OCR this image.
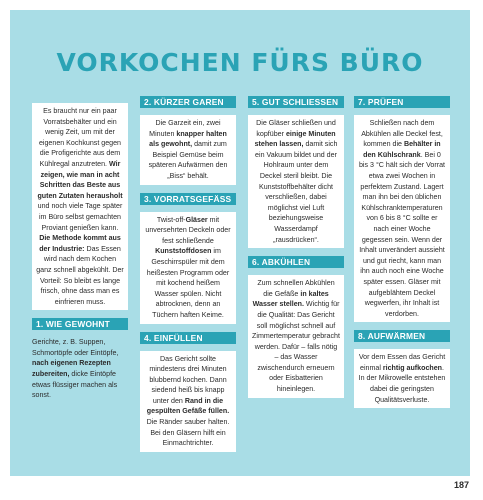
VORKOCHEN FÜRS BÜRO

Es braucht nur ein paar Vorratsbehälter und ein wenig Zeit, um mit der eigenen Kochkunst gegen die Profigerichte aus dem Kühlregal anzutreten. Wir zeigen, wie man in acht Schritten das Beste aus guten Zutaten herausholt und noch viele Tage später im Büro selbst gemachten Proviant genießen kann. Die Methode kommt aus der Industrie: Das Essen wird nach dem Kochen ganz schnell abgekühlt. Der Vorteil: So bleibt es lange frisch, ohne dass man es einfrieren muss.

1. WIE GEWOHNT

Gerichte, z. B. Suppen, Schmortöpfe oder Eintöpfe, nach eigenen Rezepten zubereiten, dicke Eintöpfe etwas flüssiger machen als sonst.

2. KÜRZER GAREN

Die Garzeit ein, zwei Minuten knapper halten als gewohnt, damit zum Beispiel Gemüse beim späteren Aufwärmen den „Biss“ behält.

3. VORRATSGEFÄSS

Twist-off-Gläser mit unversehrten Deckeln oder fest schließende Kunststoffdosen im Geschirrspüler mit dem heißesten Programm oder mit kochend heißem Wasser spülen. Nicht abtrocknen, denn an Tüchern haften Keime.

4. EINFÜLLEN

Das Gericht sollte mindestens drei Minuten blubbernd kochen. Dann siedend heiß bis knapp unter den Rand in die gespülten Gefäße füllen. Die Ränder sauber halten. Bei den Gläsern hilft ein Einmachtrichter.

5. GUT SCHLIESSEN

Die Gläser schließen und kopfüber einige Minuten stehen lassen, damit sich ein Vakuum bildet und der Hohlraum unter dem Deckel steril bleibt. Die Kunststoffbehälter dicht verschließen, dabei möglichst viel Luft beziehungsweise Wasserdampf „rausdrücken“.

6. ABKÜHLEN

Zum schnellen Abkühlen die Gefäße in kaltes Wasser stellen. Wichtig für die Qualität: Das Gericht soll möglichst schnell auf Zimmertemperatur gebracht werden. Dafür – falls nötig – das Wasser zwischendurch erneuern oder Eisbatterien hineinlegen.

7. PRÜFEN

Schließen nach dem Abkühlen alle Deckel fest, kommen die Behälter in den Kühlschrank. Bei 0 bis 3 °C hält sich der Vorrat etwa zwei Wochen in perfektem Zustand. Lagert man ihn bei den üblichen Kühlschranktemperaturen von 6 bis 8 °C sollte er nach einer Woche gegessen sein. Wenn der Inhalt unverändert aussieht und gut riecht, kann man ihn auch noch eine Woche später essen. Gläser mit aufgeblähtem Deckel wegwerfen, ihr Inhalt ist verdorben.

8. AUFWÄRMEN

Vor dem Essen das Gericht einmal richtig aufkochen. In der Mikrowelle entstehen dabei die geringsten Qualitätsverluste.

187
